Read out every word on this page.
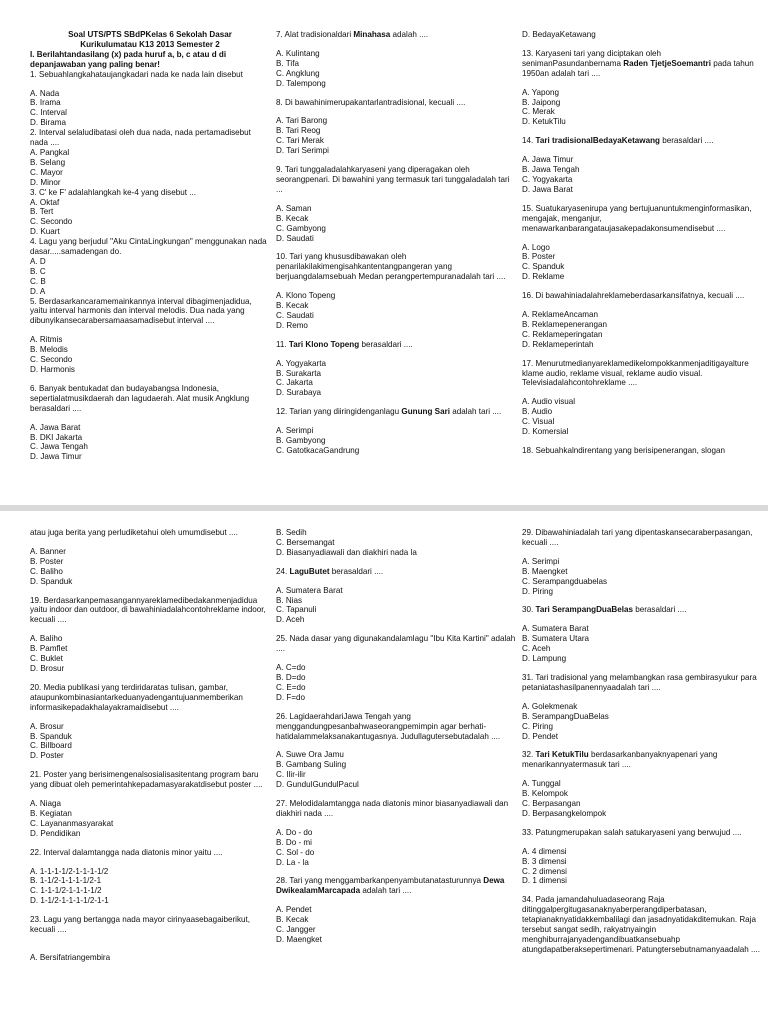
Soal UTS/PTS SBdPKelas 6 Sekolah Dasar

Kurikulumatau K13 2013 Semester 2

I. Berilahtandasilang (x) pada huruf a, b, c atau d di depanjawaban yang paling benar!

1. Sebuahlangkahataujangkadari nada ke nada lain disebut

A. Nada

B. Irama

C. Interval

D. Birama

2. Interval selaludibatasi oleh dua nada, nada pertamadisebut nada ....

A. Pangkal

B. Selang

C. Mayor

D. Minor

3. C' ke F' adalahlangkah ke-4 yang disebut ...

A. Oktaf

B. Tert

C. Secondo

D. Kuart

4. Lagu yang berjudul "Aku CintaLingkungan" menggunakan nada dasar.....samadengan do.

A. D

B. C

C. B

D. A

5. Berdasarkancaramemainkannya interval dibagimenjadidua, yaitu interval harmonis dan interval melodis. Dua nada yang dibunyikansecarabersamaasamadisebut interval ....

A. Ritmis

B. Melodis

C. Secondo

D. Harmonis

6. Banyak bentukadat dan budayabangsa Indonesia, sepertialatmusikdaerah dan lagudaerah. Alat musik Angklung berasaldari ....

A. Jawa Barat

B. DKI Jakarta

C. Jawa Tengah

D. Jawa Timur

7. Alat tradisionaldari Minahasa adalah ....

A. Kulintang

B. Tifa

C. Angklung

D. Talempong

8. Di bawahinimerupakantarlantradisional, kecuali ....

A. Tari Barong

B. Tari Reog

C. Tari Merak

D. Tari Serimpi

9. Tari tunggaladalahkaryaseni yang diperagakan oleh seorangpenari. Di bawahini yang termasuk tari tunggaladalah tari ...

A. Saman

B. Kecak

C. Gambyong

D. Saudati

10. Tari yang khususdibawakan oleh penarilakilakimengisahkantentangpangeran yang berjuangdalamsebuah Medan perangpertempuranadalah tari ....

A. Klono Topeng

B. Kecak

C. Saudati

D. Remo

11. Tari Klono Topeng berasaldari ....

A. Yogyakarta

B. Surakarta

C. Jakarta

D. Surabaya

12. Tarian yang diiringidenganlagu Gunung Sari adalah tari ....

A. Serimpi

B. Gambyong

C. GatotkacaGandrung

D. BedayaKetawang

13. Karyaseni tari yang diciptakan oleh senimanPasundanbernama Raden TjetjeSoemantri pada tahun 1950an adalah tari ....

A. Yapong

B. Jaipong

C. Merak

D. KetukTilu

14. Tari tradisionalBedayaKetawang berasaldari ....

A. Jawa Timur

B. Jawa Tengah

C. Yogyakarta

D. Jawa Barat

15. Suatukaryasenirupa yang bertujuanuntukmenginformasikan, mengajak, menganjur, menawarkanbarangataujasakepadakonsumendisebut ....

A. Logo

B. Poster

C. Spanduk

D. Reklame

16. Di bawahiniadalahreklameberdasarkansifatnya, kecuali ....

A. ReklameAncaman

B. Reklamepenerangan

C. Reklameperingatan

D. Reklameperintah

17. Menurutmedianyareklamedikelompokkanmenjaditigayalture klame audio, reklame visual, reklame audio visual. Televisiadalahcontohreklame ....

A. Audio visual

B. Audio

C. Visual

D. Komersial

18. Sebuahkalndirentang yang berisipenerangan, slogan

atau juga berita yang perludiketahui oleh umumdisebut ....

A. Banner

B. Poster

C. Baliho

D. Spanduk

19. Berdasarkanpemasangannyareklamedibedakanmenjadidua yaitu indoor dan outdoor, di bawahiniadalahcontohreklame indoor, kecuali ....

A. Baliho

B. Pamflet

C. Buklet

D. Brosur

20. Media publikasi yang terdiridaratas tulisan, gambar, ataupunkombinasiantarkeduanyadengantujuanmemberikan informasikepadakhalayakramaidisebut ....

A. Brosur

B. Spanduk

C. Billboard

D. Poster

21. Poster yang berisimengenalsosialisasitentang program baru yang dibuat oleh pemerintahkepadamasyarakatdisebut poster ....

A. Niaga

B. Kegiatan

C. Layananmasyarakat

D. Pendidikan

22. Interval dalamtangga nada diatonis minor yaitu ....

A. 1-1-1-1/2-1-1-1-1/2

B. 1-1/2-1-1-1-1/2-1

C. 1-1-1/2-1-1-1-1/2

D. 1-1/2-1-1-1-1/2-1-1

23. Lagu yang bertangga nada mayor cirinyaasebagaiberikut, kecuali ....

A. Bersifatriangembira

B. Sedih

C. Bersemangat

D. Biasanyadiawali dan diakhiri nada la

24. LaguButet berasaldari ....

A. Sumatera Barat

B. Nias

C. Tapanuli

D. Aceh

25. Nada dasar yang digunakandalamlagu "Ibu Kita Kartini" adalah ....

A. C=do

B. D=do

C. E=do

D. F=do

26. LagidaerahdariJawa Tengah yang menggandungpesanbahwaseorangpemimpin agar berhati-hatidalammelaksanakantugasnya. Judullagutersebutadalah ....

A. Suwe Ora Jamu

B. Gambang Suling

C. Ilir-ilir

D. GundulGundulPacul

27. Melodidalamtangga nada diatonis minor biasanyadiawali dan diakhiri nada ....

A. Do - do

B. Do - mi

C. Sol - do

D. La - la

28. Tari yang menggambarkanpenyambutanatasturunnya Dewa DwikealamMarcapada adalah tari ....

A. Pendet

B. Kecak

C. Jangger

D. Maengket

29. Dibawahiniadalah tari yang dipentaskansecaraberpasangan, kecuali ....

A. Serimpi

B. Maengket

C. Serampangduabelas

D. Piring

30. Tari SerampangDuaBelas berasaldari ....

A. Sumatera Barat

B. Sumatera Utara

C. Aceh

D. Lampung

31. Tari tradisional yang melambangkan rasa gembirasyukur para petaniatashasilpanennyaadalah tari ....

A. Golekmenak

B. SerampangDuaBelas

C. Piring

D. Pendet

32. Tari KetukTilu berdasarkanbanyaknyapenari yang menarikannyatermasuk tari ....

A. Tunggal

B. Kelompok

C. Berpasangan

D. Berpasangkelompok

33. Patungmerupakan salah satukaryaseni yang berwujud ....

A. 4 dimensi

B. 3 dimensi

C. 2 dimensi

D. 1 dimensi

34. Pada jamandahuluadaseorang Raja ditinggalpergitugasanaknyaberperangdiperbatasan, tetapianaknyatidakkembalilagi dan jasadnyatidakditemukan. Raja tersebut sangat sedih, rakyatnyaingin menghiburrajanyadengandibuatkansebuahp atungdapatberaksepertimenari. Patungtersebutnamanyaadalah ....
